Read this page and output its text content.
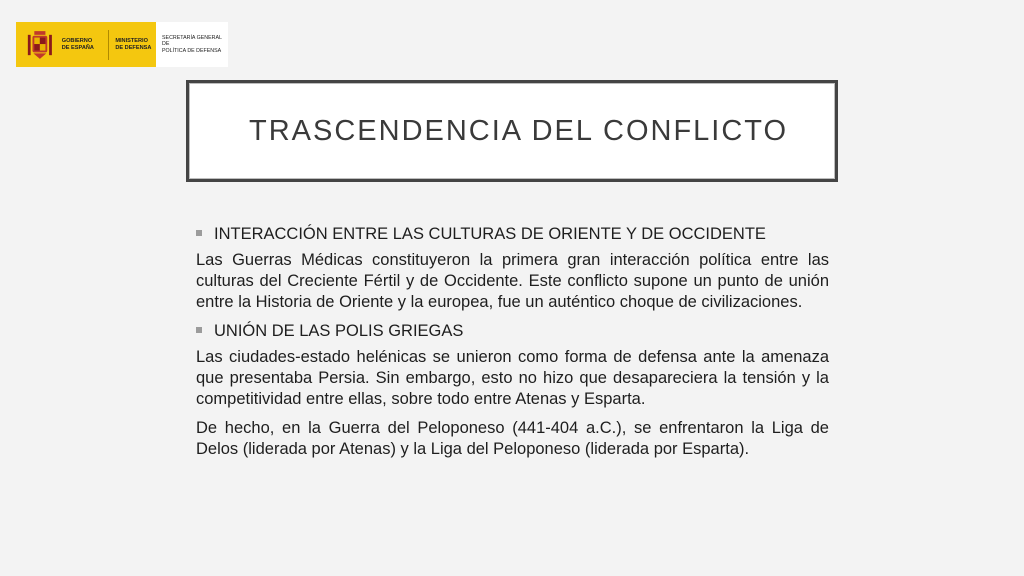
GOBIERNO
DE ESPAÑA
MINISTERIO
DE DEFENSA
SECRETARÍA GENERAL DE
POLÍTICA DE DEFENSA
TRASCENDENCIA DEL CONFLICTO
INTERACCIÓN ENTRE LAS CULTURAS DE ORIENTE Y DE OCCIDENTE

Las Guerras Médicas constituyeron la primera gran interacción política entre las culturas del Creciente Fértil y de Occidente. Este conflicto supone un punto de unión entre la Historia de Oriente y la europea, fue un auténtico choque de civilizaciones.

UNIÓN DE LAS POLIS GRIEGAS

Las ciudades-estado helénicas se unieron como forma de defensa ante la amenaza que presentaba Persia. Sin embargo, esto no hizo que desapareciera la tensión y la competitividad entre ellas, sobre todo entre Atenas y Esparta.

De hecho, en la Guerra del Peloponeso (441-404 a.C.), se enfrentaron la Liga de Delos (liderada por Atenas) y la Liga del Peloponeso (liderada por Esparta).
